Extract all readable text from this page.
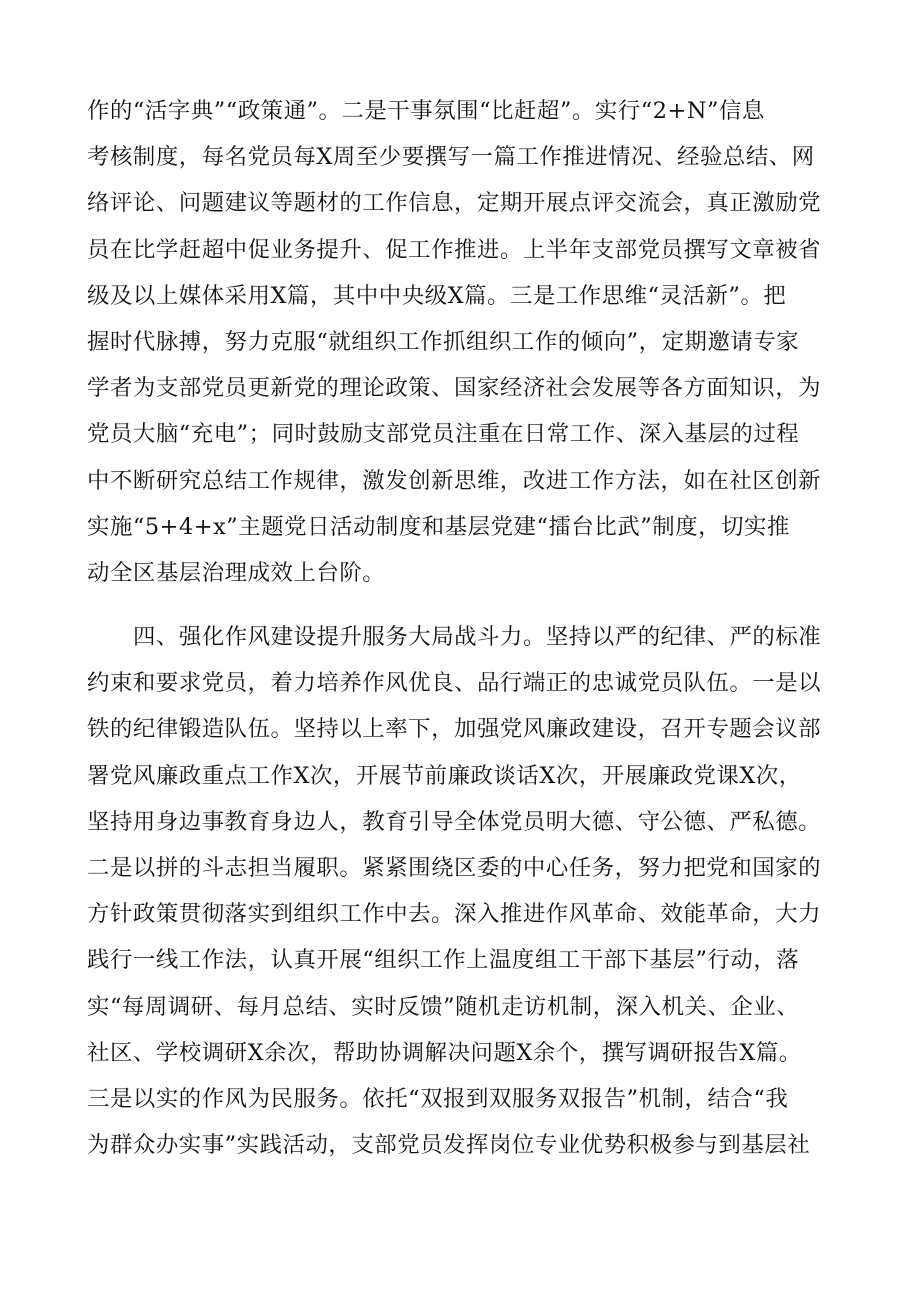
作的“活字典”“政策通”。二是干事氛围“比赶超”。实行“2+N”信息
考核制度，每名党员每X周至少要撰写一篇工作推进情况、经验总结、网
络评论、问题建议等题材的工作信息，定期开展点评交流会，真正激励党
员在比学赶超中促业务提升、促工作推进。上半年支部党员撰写文章被省
级及以上媒体采用X篇，其中中央级X篇。三是工作思维“灵活新”。把
握时代脉搏，努力克服“就组织工作抓组织工作的倾向”，定期邀请专家
学者为支部党员更新党的理论政策、国家经济社会发展等各方面知识，为
党员大脑“充电”；同时鼓励支部党员注重在日常工作、深入基层的过程
中不断研究总结工作规律，激发创新思维，改进工作方法，如在社区创新
实施“5+4+x”主题党日活动制度和基层党建“擂台比武”制度，切实推
动全区基层治理成效上台阶。
四、强化作风建设提升服务大局战斗力。坚持以严的纪律、严的标准
约束和要求党员，着力培养作风优良、品行端正的忠诚党员队伍。一是以
铁的纪律锻造队伍。坚持以上率下，加强党风廉政建设，召开专题会议部
署党风廉政重点工作X次，开展节前廉政谈话X次，开展廉政党课X次，
坚持用身边事教育身边人，教育引导全体党员明大德、守公德、严私德。
二是以拼的斗志担当履职。紧紧围绕区委的中心任务，努力把党和国家的
方针政策贯彻落实到组织工作中去。深入推进作风革命、效能革命，大力
践行一线工作法，认真开展“组织工作上温度组工干部下基层”行动，落
实“每周调研、每月总结、实时反馈”随机走访机制，深入机关、企业、
社区、学校调研X余次，帮助协调解决问题X余个，撰写调研报告X篇。
三是以实的作风为民服务。依托“双报到双服务双报告”机制，结合“我
为群众办实事”实践活动，支部党员发挥岗位专业优势积极参与到基层社
